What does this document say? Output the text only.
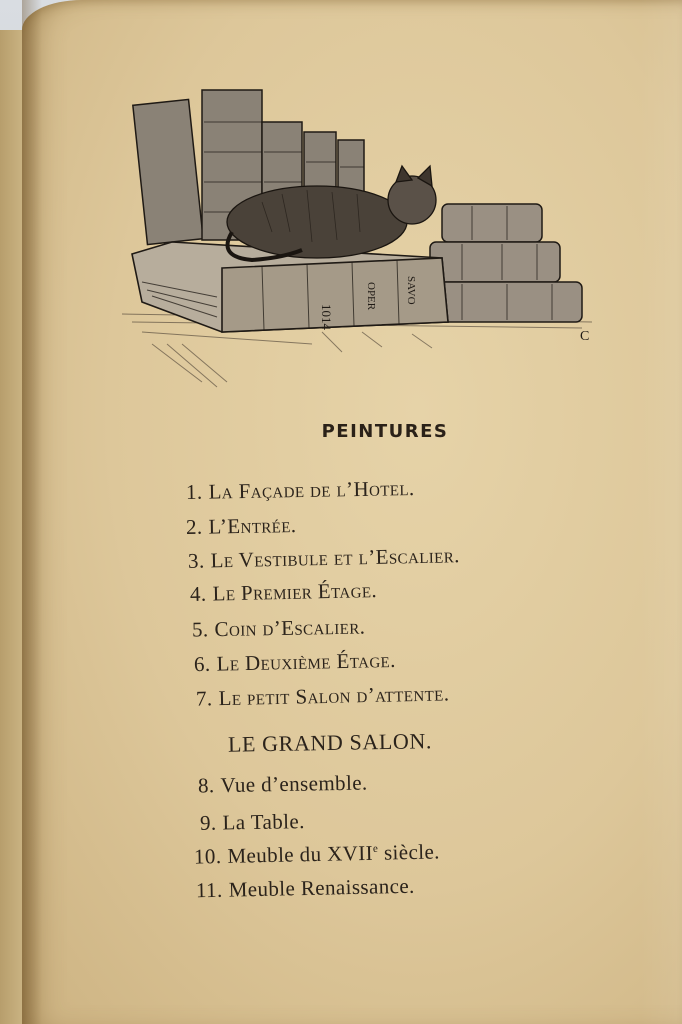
1014
OPER	SAVO
C
PEINTURES
1. La Façade de l’Hotel.
2. L’Entrée.
3. Le Vestibule et l’Escalier.
4. Le Premier Étage.
5. Coin d’Escalier.
6. Le Deuxième Étage.
7. Le petit Salon d’attente.
LE GRAND SALON.
8. Vue d’ensemble.
9. La Table.
10. Meuble du XVIIe siècle.
11. Meuble Renaissance.
